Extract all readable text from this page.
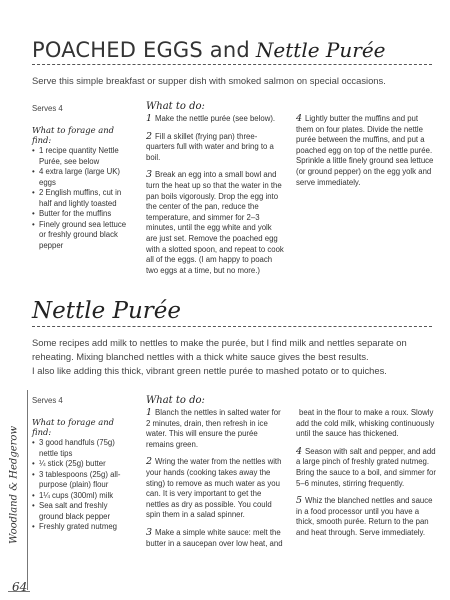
POACHED EGGS and Nettle Purée
Serve this simple breakfast or supper dish with smoked salmon on special occasions.
Serves 4
What to forage and find:
• 1 recipe quantity Nettle Purée, see below
• 4 extra large (large UK) eggs
• 2 English muffins, cut in half and lightly toasted
• Butter for the muffins
• Finely ground sea lettuce or freshly ground black pepper
What to do:

1 Make the nettle purée (see below).

2 Fill a skillet (frying pan) three-quarters full with water and bring to a boil.

3 Break an egg into a small bowl and turn the heat up so that the water in the pan boils vigorously. Drop the egg into the center of the pan, reduce the temperature, and simmer for 2–3 minutes, until the egg white and yolk are just set. Remove the poached egg with a slotted spoon, and repeat to cook all of the eggs. (I am happy to poach two eggs at a time, but no more.)

4 Lightly butter the muffins and put them on four plates. Divide the nettle purée between the muffins, and put a poached egg on top of the nettle purée. Sprinkle a little finely ground sea lettuce (or ground pepper) on the egg yolk and serve immediately.

Nettle Purée

Some recipes add milk to nettles to make the purée, but I find milk and nettles separate on reheating. Mixing blanched nettles with a thick white sauce gives the best results.

I also like adding this thick, vibrant green nettle purée to mashed potato or to quiches.

Serves 4
What to forage and find:
• 3 good handfuls (75g) nettle tips
• ¼ stick (25g) butter
• 3 tablespoons (25g) all-purpose (plain) flour
• 1¼ cups (300ml) milk
• Sea salt and freshly ground black pepper
• Freshly grated nutmeg
What to do:

1 Blanch the nettles in salted water for 2 minutes, drain, then refresh in ice water. This will ensure the purée remains green.

2 Wring the water from the nettles with your hands (cooking takes away the sting) to remove as much water as you can. It is very important to get the nettles as dry as possible. You could spin them in a salad spinner.

3 Make a simple white sauce: melt the butter in a saucepan over low heat, and

beat in the flour to make a roux. Slowly add the cold milk, whisking continuously until the sauce has thickened.

4 Season with salt and pepper, and add a large pinch of freshly grated nutmeg. Bring the sauce to a boil, and simmer for 5–6 minutes, stirring frequently.

5 Whiz the blanched nettles and sauce in a food processor until you have a thick, smooth purée. Return to the pan and heat through. Serve immediately.

Woodland & Hedgerow
64
